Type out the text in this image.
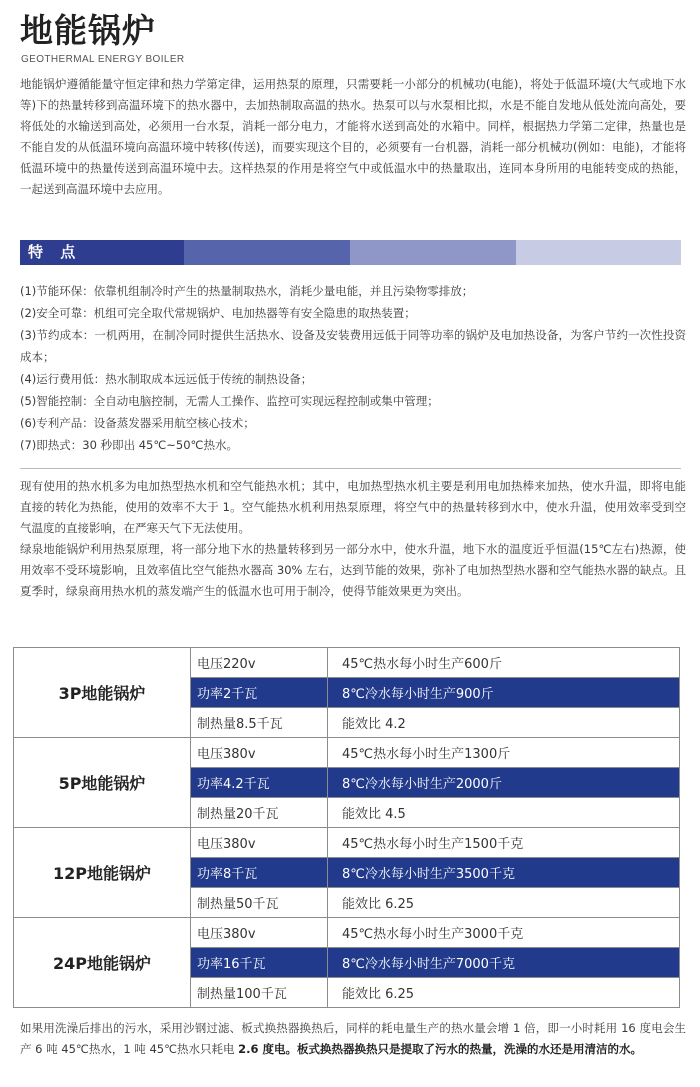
地能锅炉
GEOTHERMAL ENERGY BOILER

地能锅炉遵循能量守恒定律和热力学第定律，运用热泵的原理，只需要耗一小部分的机械功(电能)，将处于低温环境(大气或地下水等)下的热量转移到高温环境下的热水器中，去加热制取高温的热水。热泵可以与水泵相比拟，水是不能自发地从低处流向高处，要将低处的水输送到高处，必须用一台水泵，消耗一部分电力，才能将水送到高处的水箱中。同样，根据热力学第二定律，热量也是不能自发的从低温环境向高温环境中转移(传送)，而要实现这个目的，必须要有一台机器，消耗一部分机械功(例如：电能)，才能将低温环境中的热量传送到高温环境中去。这样热泵的作用是将空气中或低温水中的热量取出，连同本身所用的电能转变成的热能，一起送到高温环境中去应用。

特 点
(1)节能环保：依靠机组制冷时产生的热量制取热水，消耗少量电能，并且污染物零排放；
(2)安全可靠：机组可完全取代常规锅炉、电加热器等有安全隐患的取热装置；
(3)节约成本：一机两用，在制冷同时提供生活热水、设备及安装费用远低于同等功率的锅炉及电加热设备，为客户节约一次性投资成本；
(4)运行费用低：热水制取成本远远低于传统的制热设备；
(5)智能控制：全自动电脑控制，无需人工操作、监控可实现远程控制或集中管理；
(6)专利产品：设备蒸发器采用航空核心技术；
(7)即热式：30 秒即出 45℃~50℃热水。

现有使用的热水机多为电加热型热水机和空气能热水机；其中，电加热型热水机主要是利用电加热棒来加热，使水升温，即将电能直接的转化为热能，使用的效率不大于 1。空气能热水机利用热泵原理，将空气中的热量转移到水中，使水升温，使用效率受到空气温度的直接影响，在严寒天气下无法使用。

绿泉地能锅炉利用热泵原理，将一部分地下水的热量转移到另一部分水中，使水升温，地下水的温度近乎恒温(15℃左右)热源，使用效率不受环境影响，且效率值比空气能热水器高 30% 左右，达到节能的效果，弥补了电加热型热水器和空气能热水器的缺点。且夏季时，绿泉商用热水机的蒸发端产生的低温水也可用于制冷，使得节能效果更为突出。

3P地能锅炉	电压220v	45℃热水每小时生产600斤
	功率2千瓦	8℃冷水每小时生产900斤
	制热量8.5千瓦	能效比 4.2
5P地能锅炉	电压380v	45℃热水每小时生产1300斤
	功率4.2千瓦	8℃冷水每小时生产2000斤
	制热量20千瓦	能效比 4.5
12P地能锅炉	电压380v	45℃热水每小时生产1500千克
	功率8千瓦	8℃冷水每小时生产3500千克
	制热量50千瓦	能效比 6.25
24P地能锅炉	电压380v	45℃热水每小时生产3000千克
	功率16千瓦	8℃冷水每小时生产7000千克
	制热量100千瓦	能效比 6.25

如果用洗澡后排出的污水，采用沙钢过滤、板式换热器换热后，同样的耗电量生产的热水量会增 1 倍，即一小时耗用 16 度电会生产 6 吨 45℃热水，1 吨 45℃热水只耗电 2.6 度电。板式换热器换热只是提取了污水的热量，洗澡的水还是用清洁的水。
